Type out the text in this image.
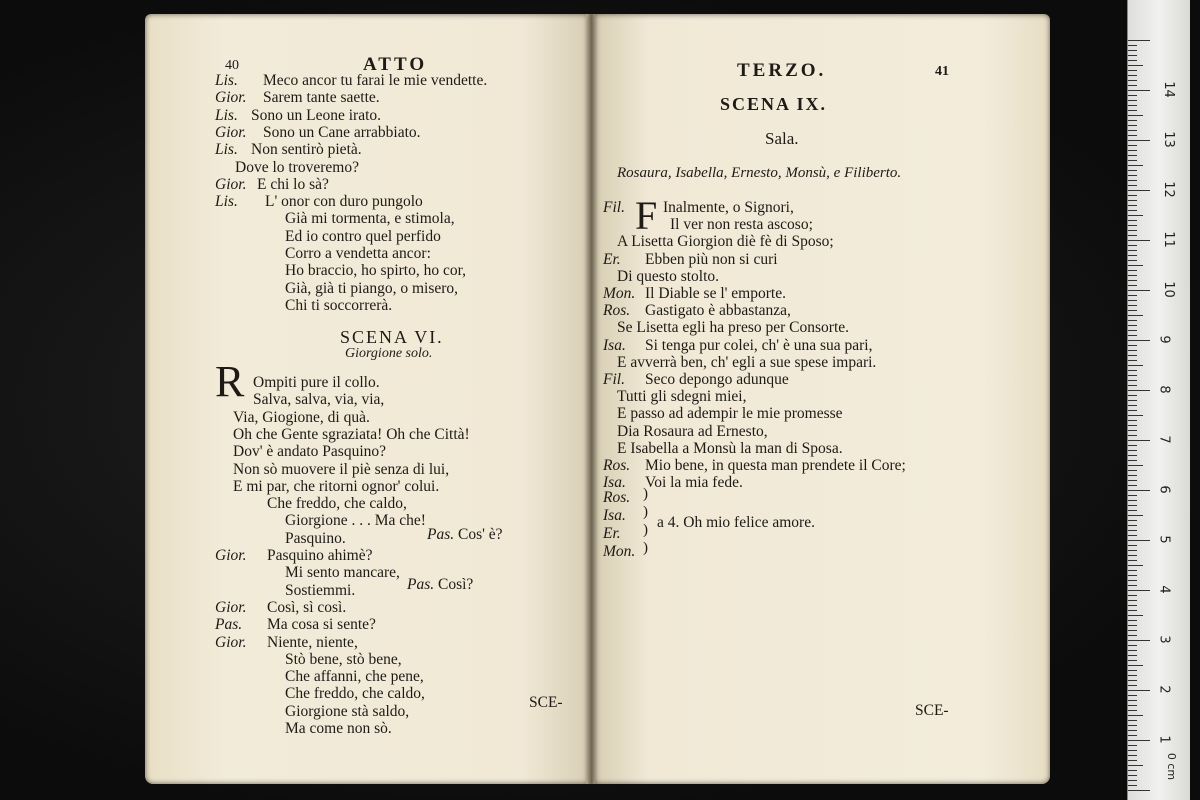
40	ATTO
Lis. Meco ancor tu farai le mie vendette.
Gior. Sarem tante saette.
Lis. Sono un Leone irato.
Gior. Sono un Cane arrabbiato.
Lis. Non sentirò pietà.
Dove lo troveremo?
Gior. E chi lo sà?
Lis. L' onor con duro pungolo
Già mi tormenta, e stimola,
Ed io contro quel perfido
Corro a vendetta ancor:
Ho braccio, ho spirto, ho cor,
Già, già ti piango, o misero,
Chi ti soccorrerà.
SCENA VI.
Giorgione solo.
R Ompiti pure il collo.
Salva, salva, via, via,
Via, Giogione, di quà.
Oh che Gente sgraziata! Oh che Città!
Dov' è andato Pasquino?
Non sò muovere il piè senza di lui,
E mi par, che ritorni ognor' colui.
Che freddo, che caldo,
Giorgione . . . Ma che!
Pasquino.
Gior. Pasquino ahimè?
Mi sento mancare,
Sostiemmi.
Gior. Così, sì così.
Pas. Ma cosa si sente?
Gior. Niente, niente,
Stò bene, stò bene,
Che affanni, che pene,
Che freddo, che caldo,
Giorgione stà saldo,
Ma come non sò.
Pas. Cos' è?
Pas. Così?
SCE-
TERZO.	41
SCENA IX.
Sala.
Rosaura, Isabella, Ernesto, Monsù, e Filiberto.
F
Fil. Inalmente, o Signori,
Il ver non resta ascoso;
A Lisetta Giorgion diè fè di Sposo;
Er. Ebben più non si curi
Di questo stolto.
Mon. Il Diable se l' emporte.
Ros. Gastigato è abbastanza,
Se Lisetta egli ha preso per Consorte.
Isa. Si tenga pur colei, ch' è una sua pari,
E avverrà ben, ch' egli a sue spese impari.
Fil. Seco depongo adunque
Tutti gli sdegni miei,
E passo ad adempir le mie promesse
Dia Rosaura ad Ernesto,
E Isabella a Monsù la man di Sposa.
Ros. Mio bene, in questa man prendete il Core;
Isa. Voi la mia fede.
Ros.
Isa.
Er.
Mon.
)
)
)
)
a 4. Oh mio felice amore.
SCE-
14
13
12
11
10
9
8
7
6
5
4
3
2
1
0 cm
